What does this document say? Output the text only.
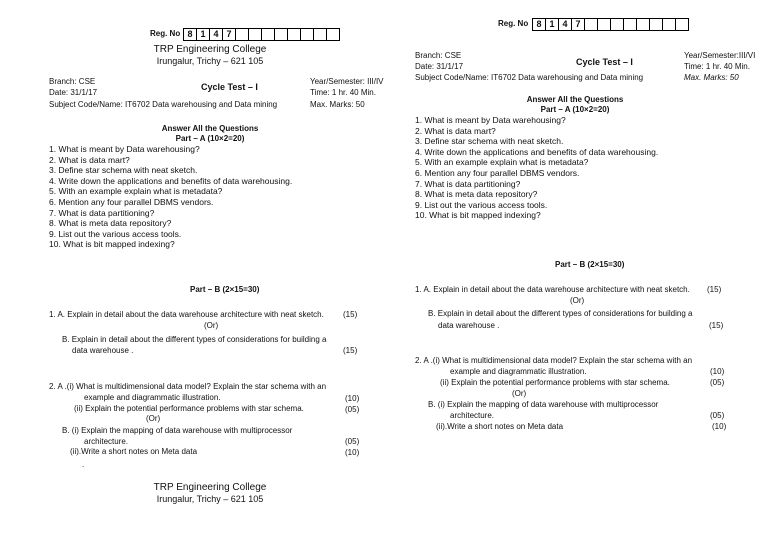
Reg. No 8 1 4 7
TRP Engineering College
Irungalur, Trichy – 621 105
Branch: CSE
Date: 31/1/17
Subject Code/Name: IT6702 Data warehousing and Data mining
Cycle Test – I
Year/Semester: III/IV
Time: 1 hr. 40 Min.
Max. Marks: 50
Answer All the Questions
Part – A (10×2=20)
1. What is meant by Data warehousing?
2. What is data mart?
3. Define star schema with neat sketch.
4. Write down the applications and benefits of data warehousing.
5. With an example explain what is metadata?
6. Mention any four parallel DBMS vendors.
7. What is data partitioning?
8. What is meta data repository?
9. List out the various access tools.
10. What is bit mapped indexing?
Part – B (2×15=30)
1. A. Explain in detail about the data warehouse architecture with neat sketch. (15)
(Or)
B. Explain in detail about the different types of considerations for building a
data warehouse .	(15)
2. A .(i) What is multidimensional data model? Explain the star schema with an
example and diagrammatic illustration.	(10)
(ii) Explain the potential performance problems with star schema.	(05)
(Or)
B. (i) Explain the mapping of data warehouse with multiprocessor
architecture.	(05)
(ii).Write a short notes on Meta data	(10)
.
TRP Engineering College
Irungalur, Trichy – 621 105
Reg. No 8 1 4 7
Branch: CSE
Date: 31/1/17
Subject Code/Name: IT6702 Data warehousing and Data mining
Cycle Test – I
Year/Semester:III/VI
Time: 1 hr. 40 Min.
Max. Marks: 50
Answer All the Questions
Part – A (10×2=20)
1. What is meant by Data warehousing?
2. What is data mart?
3. Define star schema with neat sketch.
4. Write down the applications and benefits of data warehousing.
5. With an example explain what is metadata?
6. Mention any four parallel DBMS vendors.
7. What is data partitioning?
8. What is meta data repository?
9. List out the various access tools.
10. What is bit mapped indexing?
Part – B (2×15=30)
1. A. Explain in detail about the data warehouse architecture with neat sketch. (15)
(Or)
B. Explain in detail about the different types of considerations for building a
data warehouse .	(15)
2. A .(i) What is multidimensional data model? Explain the star schema with an
example and diagrammatic illustration.	(10)
(ii) Explain the potential performance problems with star schema.	(05)
(Or)
B. (i) Explain the mapping of data warehouse with multiprocessor
architecture.	(05)
(ii).Write a short notes on Meta data	(10)
